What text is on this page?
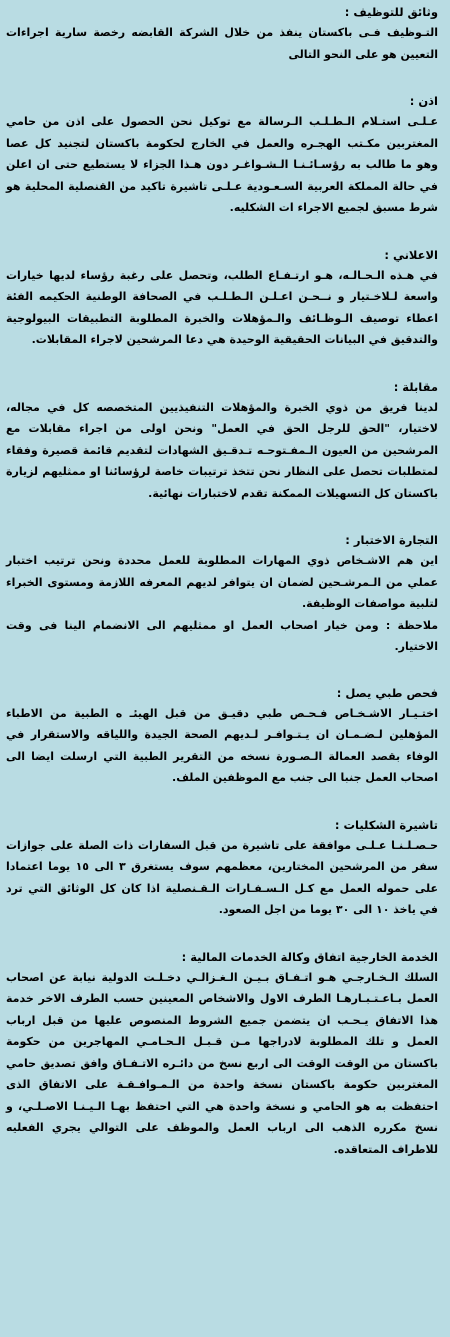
وثائق للتوظيف :

التـوظيف فـى باكستان ينفذ من خلال الشركة القابضه رخصة سارية اجراءات التعيين هو على النحو التالى

اذن :

عـلـى استـلام الـطـلـب الـرسالة مع توكيل نحن الحصول على اذن من حامي المغتربين مكـتب الهجـره والعمل في الخارج لحكومة باكستان لتجنيد كل عصا وهو ما طالب به رؤسـائـنـا الـشـواغـر دون هـذا الجزاء لا يستطيع حتى ان اعلن في حالة المملكة العربية السـعـودية عـلـى تاشيرة تاكيد من القنصلية المحلية هو شرط مسبق لجميع الاجراء ات الشكليه.

الاعلاني :

في هـذه الـحـالـه، هـو ارتـفـاع الطلب، وتحصل على رغبة رؤساء لديها خيارات واسعة لـلاخـتيار و نــحـن اعـلـن الـطـلـب في الصحافة الوطنية الحكيمه الفئة اعطاء توصيف الـوظـائف والـمؤهلات والخبرة المطلوبة التطبيقات البيولوجية والتدقيق في البيانات الحقيقية الوحيدة هي دعا المرشحين لاجراء المقابلات.

مقابلة :

لدينا فريق من ذوي الخبرة والمؤهلات التنفيذيين المتخصصه كل في مجاله، لاختيار، "الحق للرجل الحق في العمل" ونحن اولى من اجراء مقابلات مع المرشحين من العيون الـمفـتوحـه تـدقـيق الشهادات لتقديم قائمة قصيرة وفقاء لمتطلبات تحصل على النظار نحن تتخذ ترتيبات خاصة لرؤسائنا او ممثليهم لزيارة باكستان كل التسهيلات الممكنة تقدم لاختبارات نهائية.

التجارة الاختبار :

اين هم الاشـخاص ذوي المهارات المطلوبة للعمل محددة ونحن ترتيب اختبار عملي من الـمرشـحين لضمان ان يتوافر لديهم المعرفه اللازمة ومستوى الخبراء لتلبية مواصفات الوظيفة.

ملاحظة : ومن خيار اصحاب العمل او ممثليهم الى الانضمام الينا فى وقت الاختيار.

فحص طبي يصل :

اختـيـار الاشـخـاص فـحـص طبي دقيـق من قبل الهيئـ ه الطبية من الاطباء المؤهلين لـضـمـان ان يـتـوافـر لـديهم الصحة الجيدة واللياقه والاستقرار في الوفاء بقصد العمالة الـصـورة نسخه من التقرير الطبية التي ارسلت ايضا الى اصحاب العمل جنبا الى جنب مع الموظفين الملف.

تاشيرة الشكليات :

حـصـلـنـا عـلـى موافقة على تاشيرة من قبل السفارات ذات الصلة على جوازات سفر من المرشحين المختارين، معظمهم سوف يستغرق ٣ الى ١٥ يوما اعتمادا على حموله العمل مع كـل الـسـفـارات الـقـنصلية اذا كان كل الوثائق التي ترد في ياخذ ١٠ الى ٣٠ يوما من اجل الصعود.

الخدمة الخارجية اتفاق وكالة الخدمات المالية :

السلك الـخـارجـي هـو اتـفـاق بـيـن الـغـزالـي دخـلـت الدولية نيابة عن اصحاب العمل بـاعـتـبـارهـا الطرف الاول والاشخاص المعينين حسب الطرف الاخر خدمة هذا الاتفاق يـحـب ان يتضمن جميع الشروط المنصوص عليها من قبل ارباب العمل و تلك المطلوبة لادراجها مـن قـبـل الـحـامـي المهاجرين من حكومة باكستان من الوقت الوقت الى اربع نسخ من دائـره الاتـفـاق وافق تصديق حامي المغتربين حكومة باكستان نسخة واحدة من الـمـوافـقـة على الاتفاق الذى احتفظت به هو الحامي و نسخة واحدة هي التي احتفظ بهـا الـيـنـا الاصـلـي، و نسخ مكرره الذهب الى ارباب العمل والموظف على التوالي يجري الفعليه للاطراف المتعاقده.
